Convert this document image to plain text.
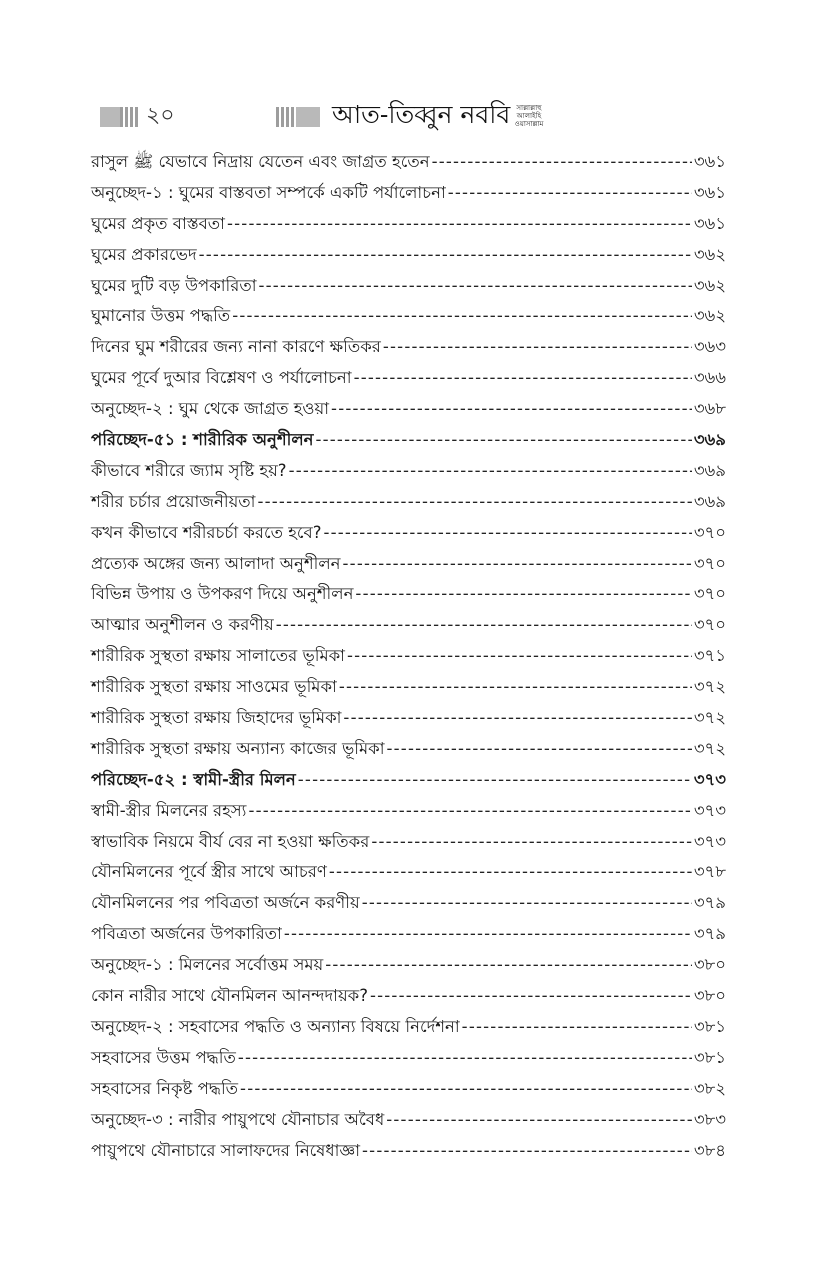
২০	আত-তিব্বুন নববি সাল্লাল্লাহু আলাইহি ওয়াসাল্লাম
রাসুল ﷺ যেভাবে নিদ্রায় যেতেন এবং জাগ্রত হতেন -----	৩৬১
অনুচ্ছেদ-১ : ঘুমের বাস্তবতা সম্পর্কে একটি পর্যালোচনা -----	৩৬১
ঘুমের প্রকৃত বাস্তবতা -----	৩৬১
ঘুমের প্রকারভেদ -----	৩৬২
ঘুমের দুটি বড় উপকারিতা -----	৩৬২
ঘুমানোর উত্তম পদ্ধতি -----	৩৬২
দিনের ঘুম শরীরের জন্য নানা কারণে ক্ষতিকর -----	৩৬৩
ঘুমের পূর্বে দুআর বিশ্লেষণ ও পর্যালোচনা -----	৩৬৬
অনুচ্ছেদ-২ : ঘুম থেকে জাগ্রত হওয়া -----	৩৬৮
পরিচ্ছেদ-৫১ : শারীরিক অনুশীলন -----	৩৬৯
কীভাবে শরীরে জ্যাম সৃষ্টি হয়? -----	৩৬৯
শরীর চর্চার প্রয়োজনীয়তা -----	৩৬৯
কখন কীভাবে শরীরচর্চা করতে হবে? -----	৩৭০
প্রত্যেক অঙ্গের জন্য আলাদা অনুশীলন -----	৩৭০
বিভিন্ন উপায় ও উপকরণ দিয়ে অনুশীলন -----	৩৭০
আত্মার অনুশীলন ও করণীয় -----	৩৭০
শারীরিক সুস্থতা রক্ষায় সালাতের ভূমিকা -----	৩৭১
শারীরিক সুস্থতা রক্ষায় সাওমের ভূমিকা -----	৩৭২
শারীরিক সুস্থতা রক্ষায় জিহাদের ভূমিকা -----	৩৭২
শারীরিক সুস্থতা রক্ষায় অন্যান্য কাজের ভূমিকা -----	৩৭২
পরিচ্ছেদ-৫২ : স্বামী-স্ত্রীর মিলন -----	৩৭৩
স্বামী-স্ত্রীর মিলনের রহস্য -----	৩৭৩
স্বাভাবিক নিয়মে বীর্য বের না হওয়া ক্ষতিকর -----	৩৭৩
যৌনমিলনের পূর্বে স্ত্রীর সাথে আচরণ -----	৩৭৮
যৌনমিলনের পর পবিত্রতা অর্জনে করণীয় -----	৩৭৯
পবিত্রতা অর্জনের উপকারিতা -----	৩৭৯
অনুচ্ছেদ-১ : মিলনের সর্বোত্তম সময় -----	৩৮০
কোন নারীর সাথে যৌনমিলন আনন্দদায়ক? -----	৩৮০
অনুচ্ছেদ-২ : সহবাসের পদ্ধতি ও অন্যান্য বিষয়ে নির্দেশনা -----	৩৮১
সহবাসের উত্তম পদ্ধতি -----	৩৮১
সহবাসের নিকৃষ্ট পদ্ধতি -----	৩৮২
অনুচ্ছেদ-৩ : নারীর পায়ুপথে যৌনাচার অবৈধ -----	৩৮৩
পায়ুপথে যৌনাচারে সালাফদের নিষেধাজ্ঞা -----	৩৮৪
